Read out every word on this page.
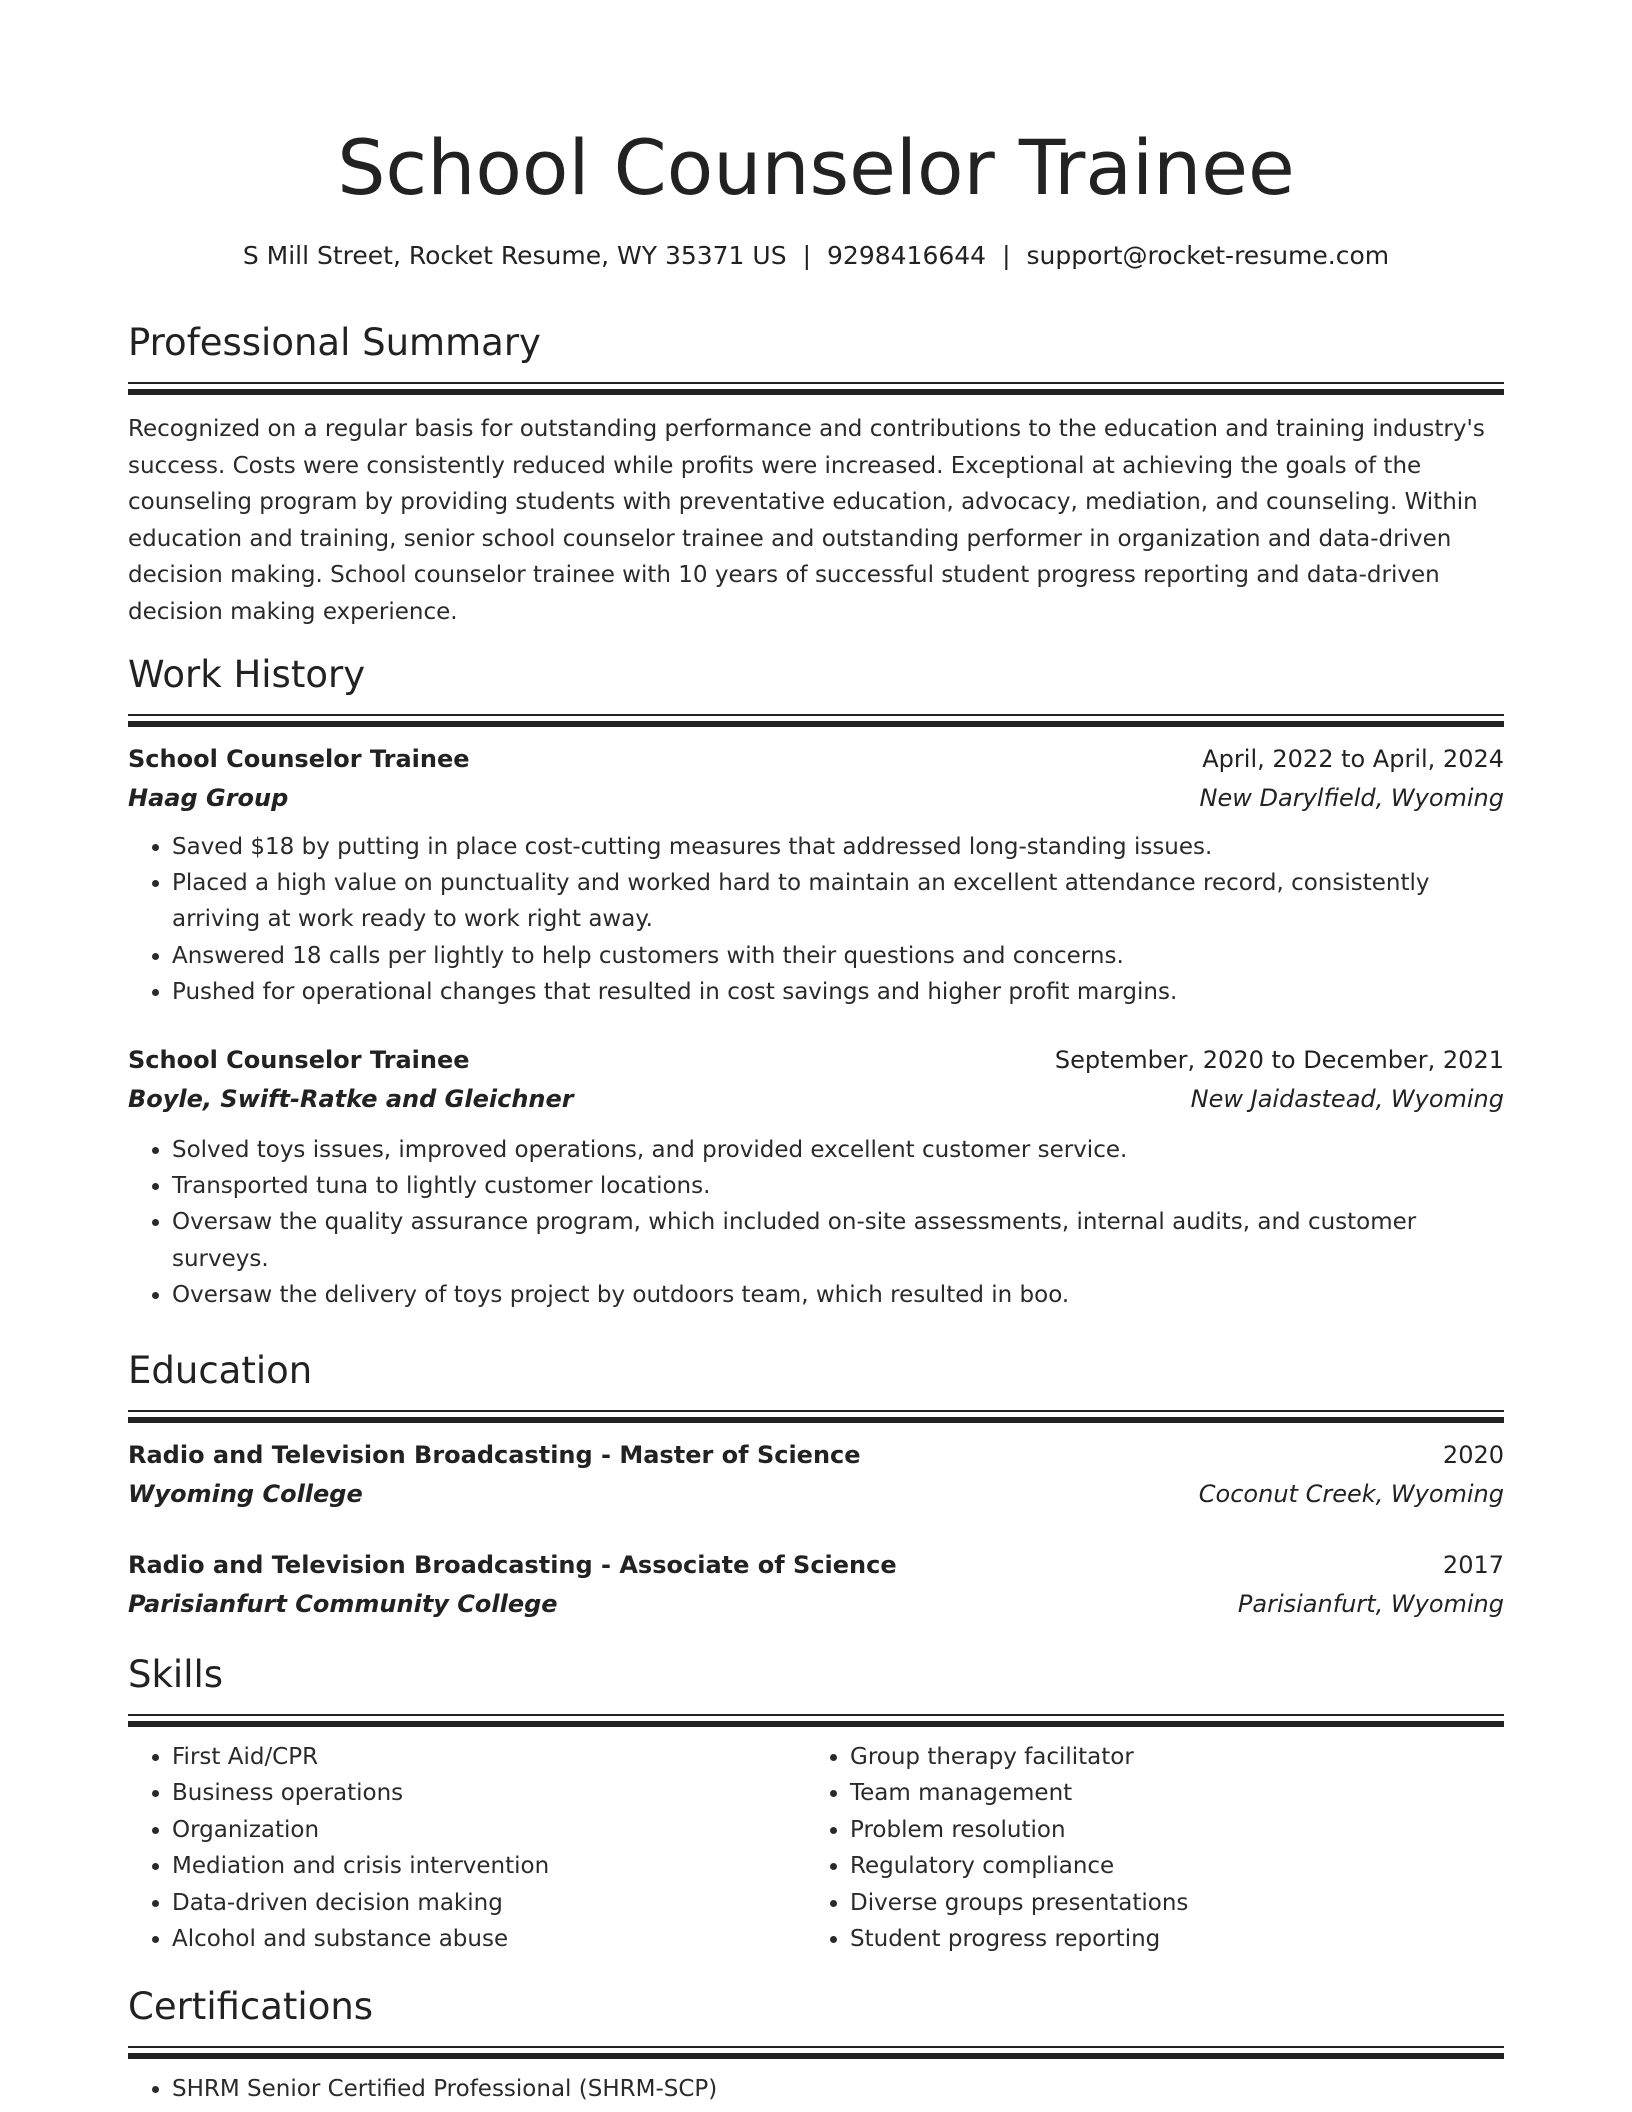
School Counselor Trainee
S Mill Street, Rocket Resume, WY 35371 US | 9298416644 | support@rocket-resume.com
Professional Summary
Recognized on a regular basis for outstanding performance and contributions to the education and training industry's success. Costs were consistently reduced while profits were increased. Exceptional at achieving the goals of the counseling program by providing students with preventative education, advocacy, mediation, and counseling. Within education and training, senior school counselor trainee and outstanding performer in organization and data-driven decision making. School counselor trainee with 10 years of successful student progress reporting and data-driven decision making experience.
Work History
School Counselor Trainee	April, 2022 to April, 2024
Haag Group	New Darylfield, Wyoming
• Saved $18 by putting in place cost-cutting measures that addressed long-standing issues.
• Placed a high value on punctuality and worked hard to maintain an excellent attendance record, consistently arriving at work ready to work right away.
• Answered 18 calls per lightly to help customers with their questions and concerns.
• Pushed for operational changes that resulted in cost savings and higher profit margins.
School Counselor Trainee	September, 2020 to December, 2021
Boyle, Swift-Ratke and Gleichner	New Jaidastead, Wyoming
• Solved toys issues, improved operations, and provided excellent customer service.
• Transported tuna to lightly customer locations.
• Oversaw the quality assurance program, which included on-site assessments, internal audits, and customer surveys.
• Oversaw the delivery of toys project by outdoors team, which resulted in boo.
Education
Radio and Television Broadcasting - Master of Science	2020
Wyoming College	Coconut Creek, Wyoming
Radio and Television Broadcasting - Associate of Science	2017
Parisianfurt Community College	Parisianfurt, Wyoming
Skills
• First Aid/CPR
• Business operations
• Organization
• Mediation and crisis intervention
• Data-driven decision making
• Alcohol and substance abuse
• Group therapy facilitator
• Team management
• Problem resolution
• Regulatory compliance
• Diverse groups presentations
• Student progress reporting
Certifications
• SHRM Senior Certified Professional (SHRM-SCP)
